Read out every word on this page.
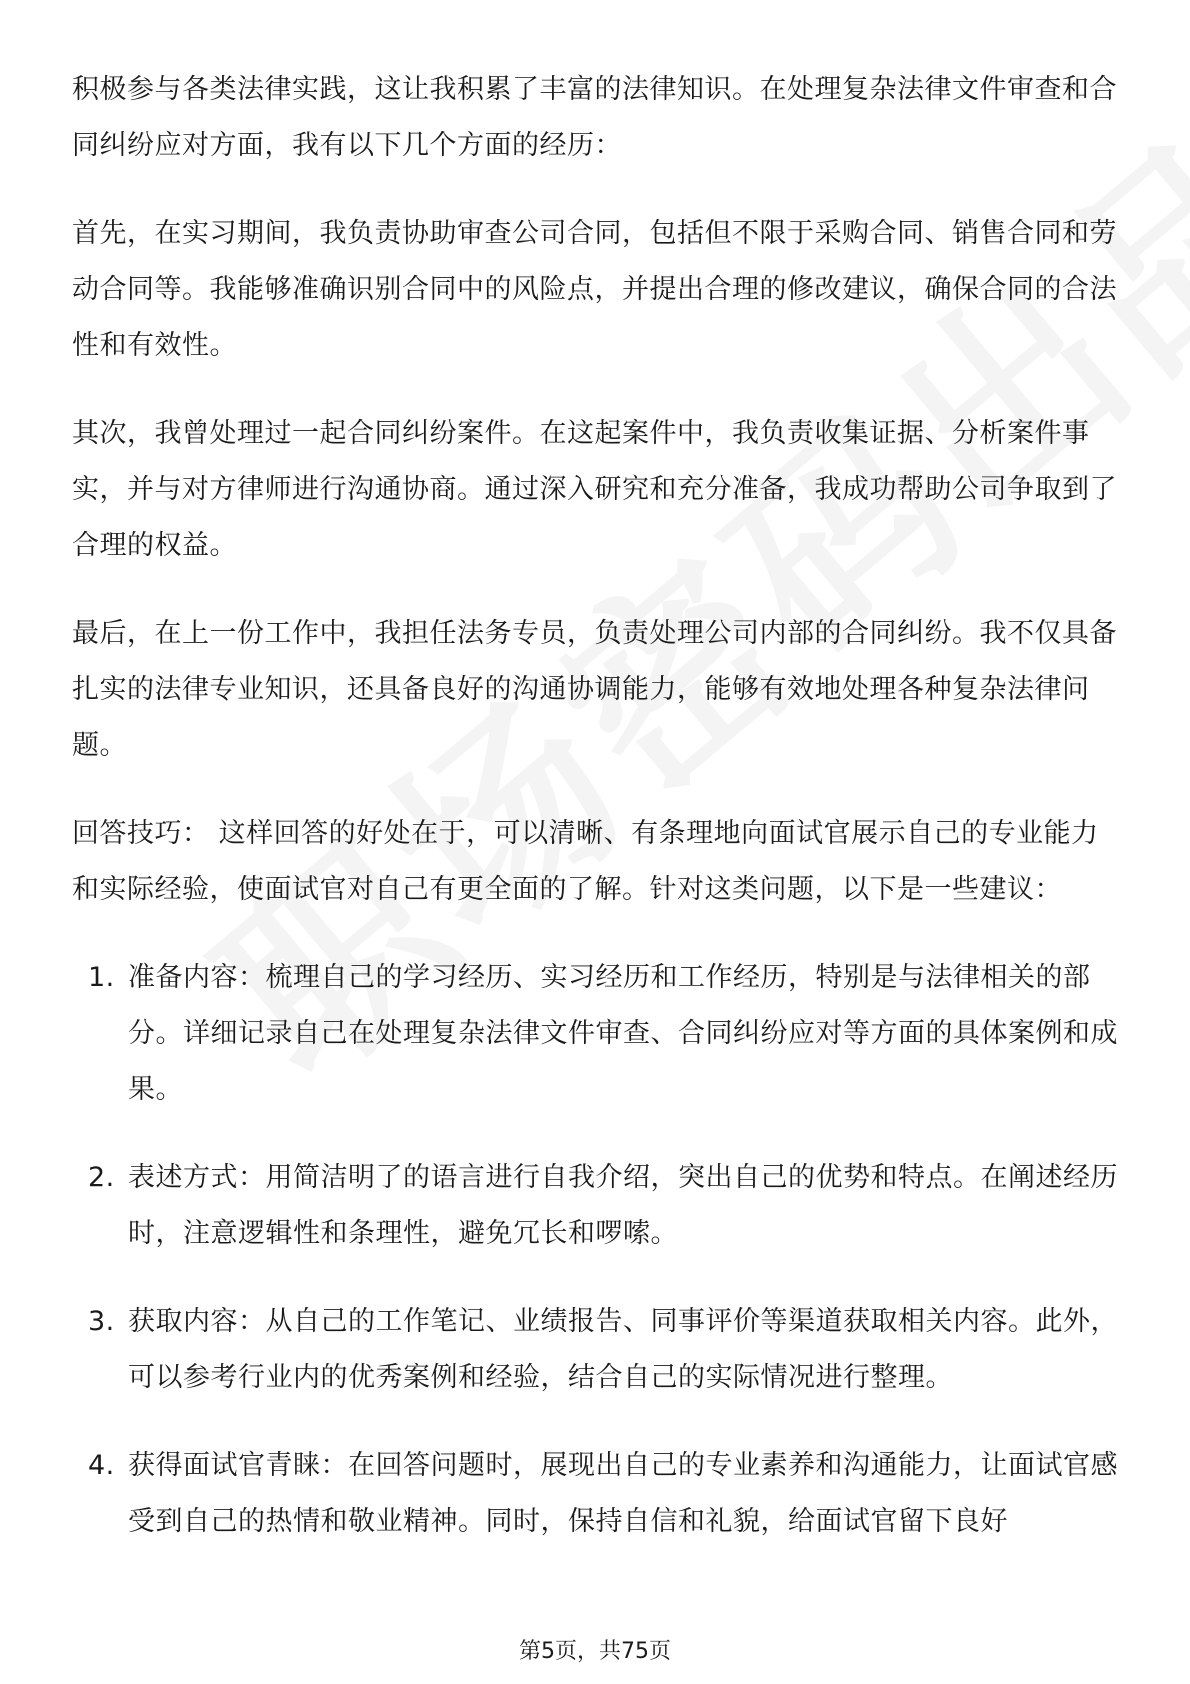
积极参与各类法律实践，这让我积累了丰富的法律知识。在处理复杂法律文件审查和合同纠纷应对方面，我有以下几个方面的经历：

首先，在实习期间，我负责协助审查公司合同，包括但不限于采购合同、销售合同和劳动合同等。我能够准确识别合同中的风险点，并提出合理的修改建议，确保合同的合法性和有效性。

其次，我曾处理过一起合同纠纷案件。在这起案件中，我负责收集证据、分析案件事实，并与对方律师进行沟通协商。通过深入研究和充分准备，我成功帮助公司争取到了合理的权益。

最后，在上一份工作中，我担任法务专员，负责处理公司内部的合同纠纷。我不仅具备扎实的法律专业知识，还具备良好的沟通协调能力，能够有效地处理各种复杂法律问题。

回答技巧： 这样回答的好处在于，可以清晰、有条理地向面试官展示自己的专业能力和实际经验，使面试官对自己有更全面的了解。针对这类问题，以下是一些建议：

1. 准备内容：梳理自己的学习经历、实习经历和工作经历，特别是与法律相关的部分。详细记录自己在处理复杂法律文件审查、合同纠纷应对等方面的具体案例和成果。
2. 表述方式：用简洁明了的语言进行自我介绍，突出自己的优势和特点。在阐述经历时，注意逻辑性和条理性，避免冗长和啰嗦。
3. 获取内容：从自己的工作笔记、业绩报告、同事评价等渠道获取相关内容。此外，可以参考行业内的优秀案例和经验，结合自己的实际情况进行整理。
4. 获得面试官青睐：在回答问题时，展现出自己的专业素养和沟通能力，让面试官感受到自己的热情和敬业精神。同时，保持自信和礼貌，给面试官留下良好
第5页，共75页
